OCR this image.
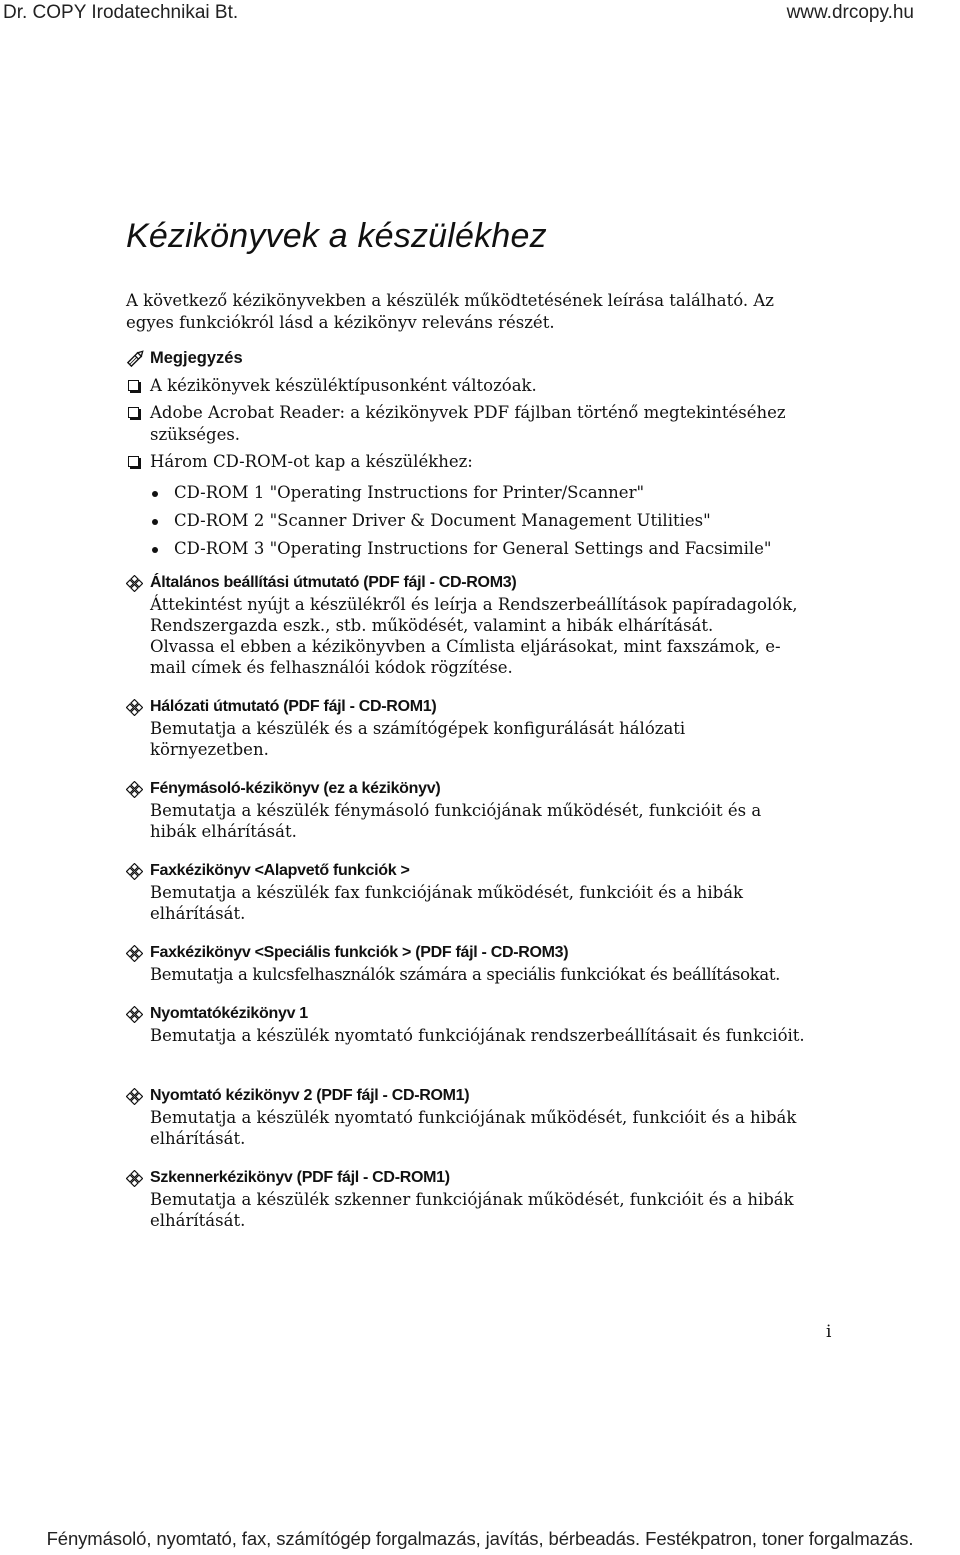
Dr. COPY Irodatechnikai Bt.	www.drcopy.hu
Kézikönyvek a készülékhez
A következő kézikönyvekben a készülék működtetésének leírása található. Az egyes funkciókról lásd a kézikönyv releváns részét.
Megjegyzés
A kézikönyvek készüléktípusonként változóak.
Adobe Acrobat Reader: a kézikönyvek PDF fájlban történő megtekintéséhez szükséges.
Három CD-ROM-ot kap a készülékhez:
CD-ROM 1 "Operating Instructions for Printer/Scanner"
CD-ROM 2 "Scanner Driver & Document Management Utilities"
CD-ROM 3 "Operating Instructions for General Settings and Facsimile"
Általános beállítási útmutató (PDF fájl - CD-ROM3)

Áttekintést nyújt a készülékről és leírja a Rendszerbeállítások papíradagolók, Rendszergazda eszk., stb. működését, valamint a hibák elhárítását.

Olvassa el ebben a kézikönyvben a Címlista eljárásokat, mint faxszámok, e-mail címek és felhasználói kódok rögzítése.

Hálózati útmutató (PDF fájl - CD-ROM1)

Bemutatja a készülék és a számítógépek konfigurálását hálózati környezetben.

Fénymásoló-kézikönyv (ez a kézikönyv)

Bemutatja a készülék fénymásoló funkciójának működését, funkcióit és a hibák elhárítását.

Faxkézikönyv <Alapvető funkciók >

Bemutatja a készülék fax funkciójának működését, funkcióit és a hibák elhárítását.

Faxkézikönyv <Speciális funkciók > (PDF fájl - CD-ROM3)

Bemutatja a kulcsfelhasználók számára a speciális funkciókat és beállításokat.

Nyomtatókézikönyv 1

Bemutatja a készülék nyomtató funkciójának rendszerbeállításait és funkcióit.

Nyomtató kézikönyv 2 (PDF fájl - CD-ROM1)

Bemutatja a készülék nyomtató funkciójának működését, funkcióit és a hibák elhárítását.

Szkennerkézikönyv (PDF fájl - CD-ROM1)

Bemutatja a készülék szkenner funkciójának működését, funkcióit és a hibák elhárítását.

i
Fénymásoló, nyomtató, fax, számítógép forgalmazás, javítás, bérbeadás. Festékpatron, toner forgalmazás.
